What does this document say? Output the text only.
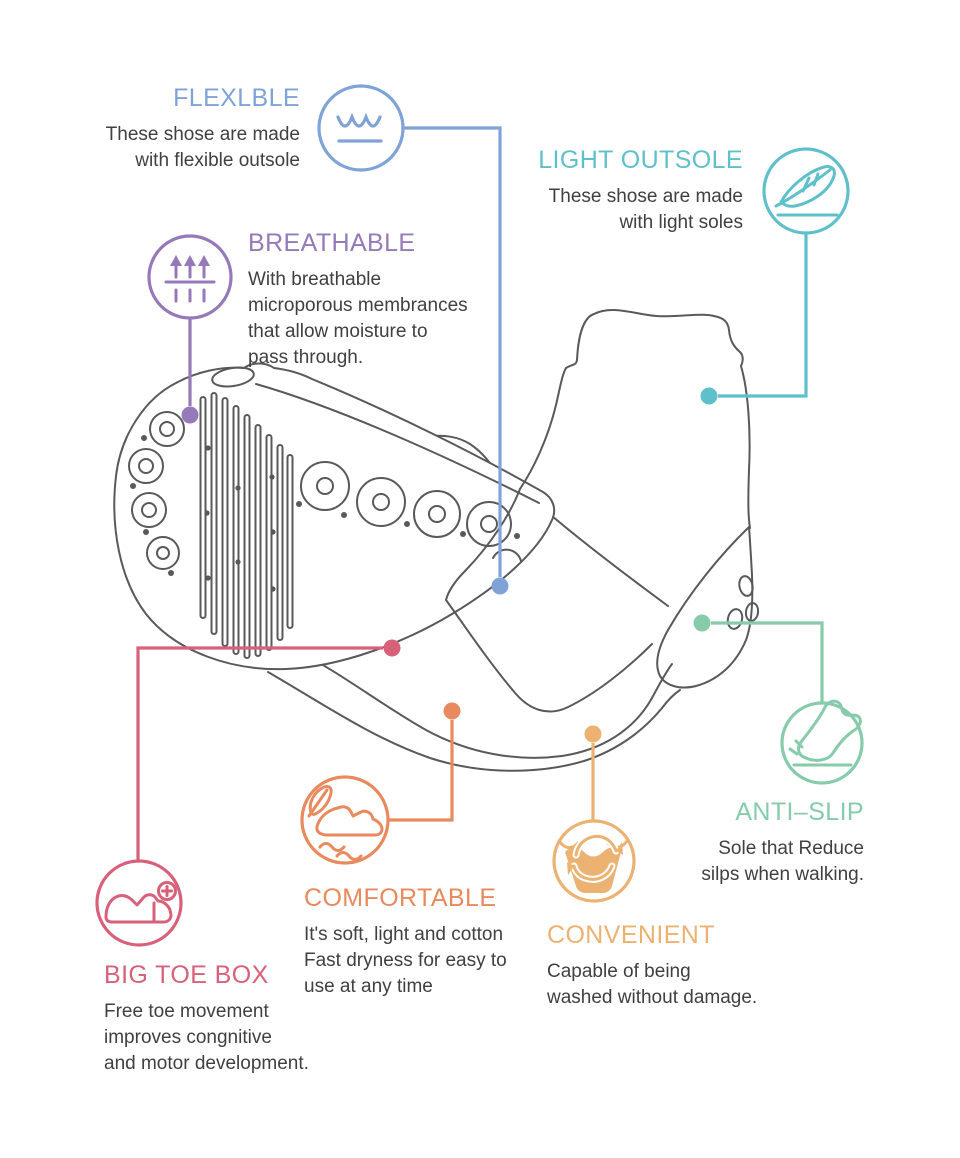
FLEXLBLE
These shose are made
with flexible outsole	LIGHT OUTSOLE
These shose are made
with light soles
BREATHABLE
With breathable
microporous membrances
that allow moisture to
pass through.
ANTI–SLIP
Sole that Reduce
silps when walking.
COMFORTABLE
It's soft, light and cotton
Fast dryness for easy to
use at any time
CONVENIENT
Capable of being
washed without damage.
BIG TOE BOX
Free toe movement
improves congnitive
and motor development.
